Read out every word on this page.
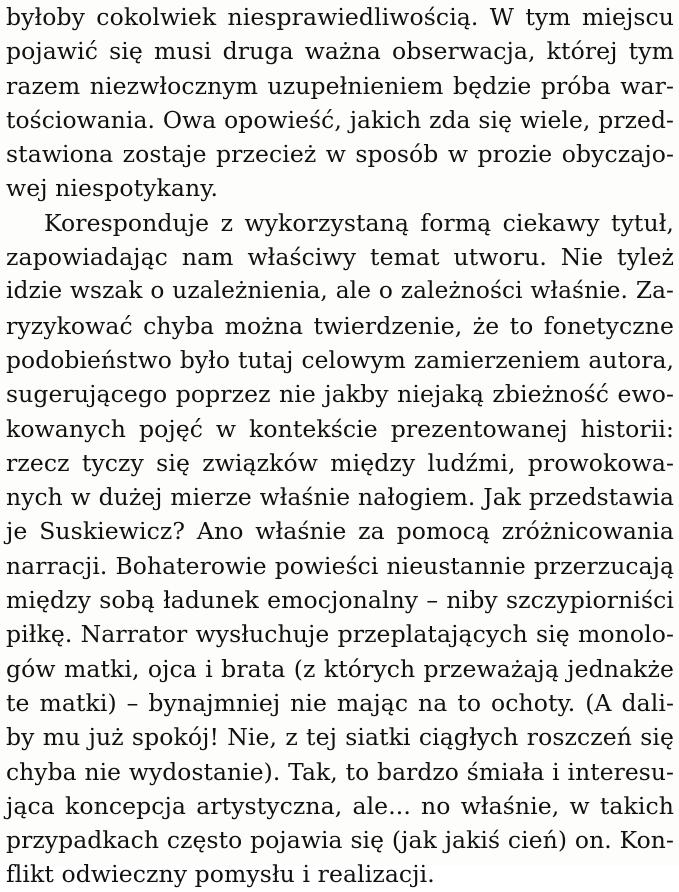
byłoby cokolwiek niesprawiedliwością. W tym miejscu
pojawić się musi druga ważna obserwacja, której tym
razem niezwłocznym uzupełnieniem będzie próba war-
tościowania. Owa opowieść, jakich zda się wiele, przed-
stawiona zostaje przecież w sposób w prozie obyczajo-
wej niespotykany.
Koresponduje z wykorzystaną formą ciekawy tytuł,
zapowiadając nam właściwy temat utworu. Nie tyleż
idzie wszak o uzależnienia, ale o zależności właśnie. Za-
ryzykować chyba można twierdzenie, że to fonetyczne
podobieństwo było tutaj celowym zamierzeniem autora,
sugerującego poprzez nie jakby niejaką zbieżność ewo-
kowanych pojęć w kontekście prezentowanej historii:
rzecz tyczy się związków między ludźmi, prowokowa-
nych w dużej mierze właśnie nałogiem. Jak przedstawia
je Suskiewicz? Ano właśnie za pomocą zróżnicowania
narracji. Bohaterowie powieści nieustannie przerzucają
między sobą ładunek emocjonalny – niby szczypiorniści
piłkę. Narrator wysłuchuje przeplatających się monolo-
gów matki, ojca i brata (z których przeważają jednakże
te matki) – bynajmniej nie mając na to ochoty. (A dali-
by mu już spokój! Nie, z tej siatki ciągłych roszczeń się
chyba nie wydostanie). Tak, to bardzo śmiała i interesu-
jąca koncepcja artystyczna, ale... no właśnie, w takich
przypadkach często pojawia się (jak jakiś cień) on. Kon-
flikt odwieczny pomysłu i realizacji.
